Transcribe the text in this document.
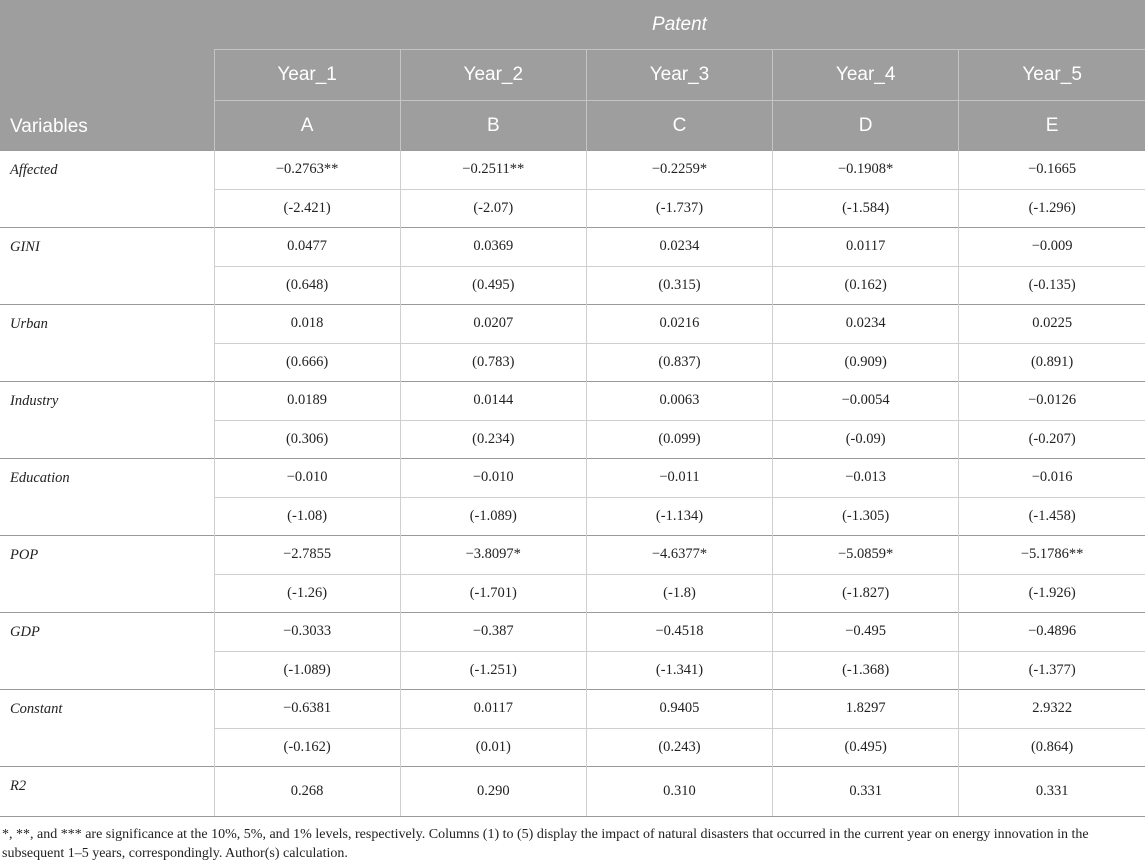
Variables	Patent				
	Year_1	Year_2	Year_3	Year_4	Year_5
	A	B	C	D	E
Affected	−0.2763**	−0.2511**	−0.2259*	−0.1908*	−0.1665
	(-2.421)	(-2.07)	(-1.737)	(-1.584)	(-1.296)
GINI	0.0477	0.0369	0.0234	0.0117	−0.009
	(0.648)	(0.495)	(0.315)	(0.162)	(-0.135)
Urban	0.018	0.0207	0.0216	0.0234	0.0225
	(0.666)	(0.783)	(0.837)	(0.909)	(0.891)
Industry	0.0189	0.0144	0.0063	−0.0054	−0.0126
	(0.306)	(0.234)	(0.099)	(-0.09)	(-0.207)
Education	−0.010	−0.010	−0.011	−0.013	−0.016
	(-1.08)	(-1.089)	(-1.134)	(-1.305)	(-1.458)
POP	−2.7855	−3.8097*	−4.6377*	−5.0859*	−5.1786**
	(-1.26)	(-1.701)	(-1.8)	(-1.827)	(-1.926)
GDP	−0.3033	−0.387	−0.4518	−0.495	−0.4896
	(-1.089)	(-1.251)	(-1.341)	(-1.368)	(-1.377)
Constant	−0.6381	0.0117	0.9405	1.8297	2.9322
	(-0.162)	(0.01)	(0.243)	(0.495)	(0.864)
R2	0.268	0.290	0.310	0.331	0.331
*, **, and *** are significance at the 10%, 5%, and 1% levels, respectively. Columns (1) to (5) display the impact of natural disasters that occurred in the current year on energy innovation in the subsequent 1–5 years, correspondingly. Author(s) calculation.
